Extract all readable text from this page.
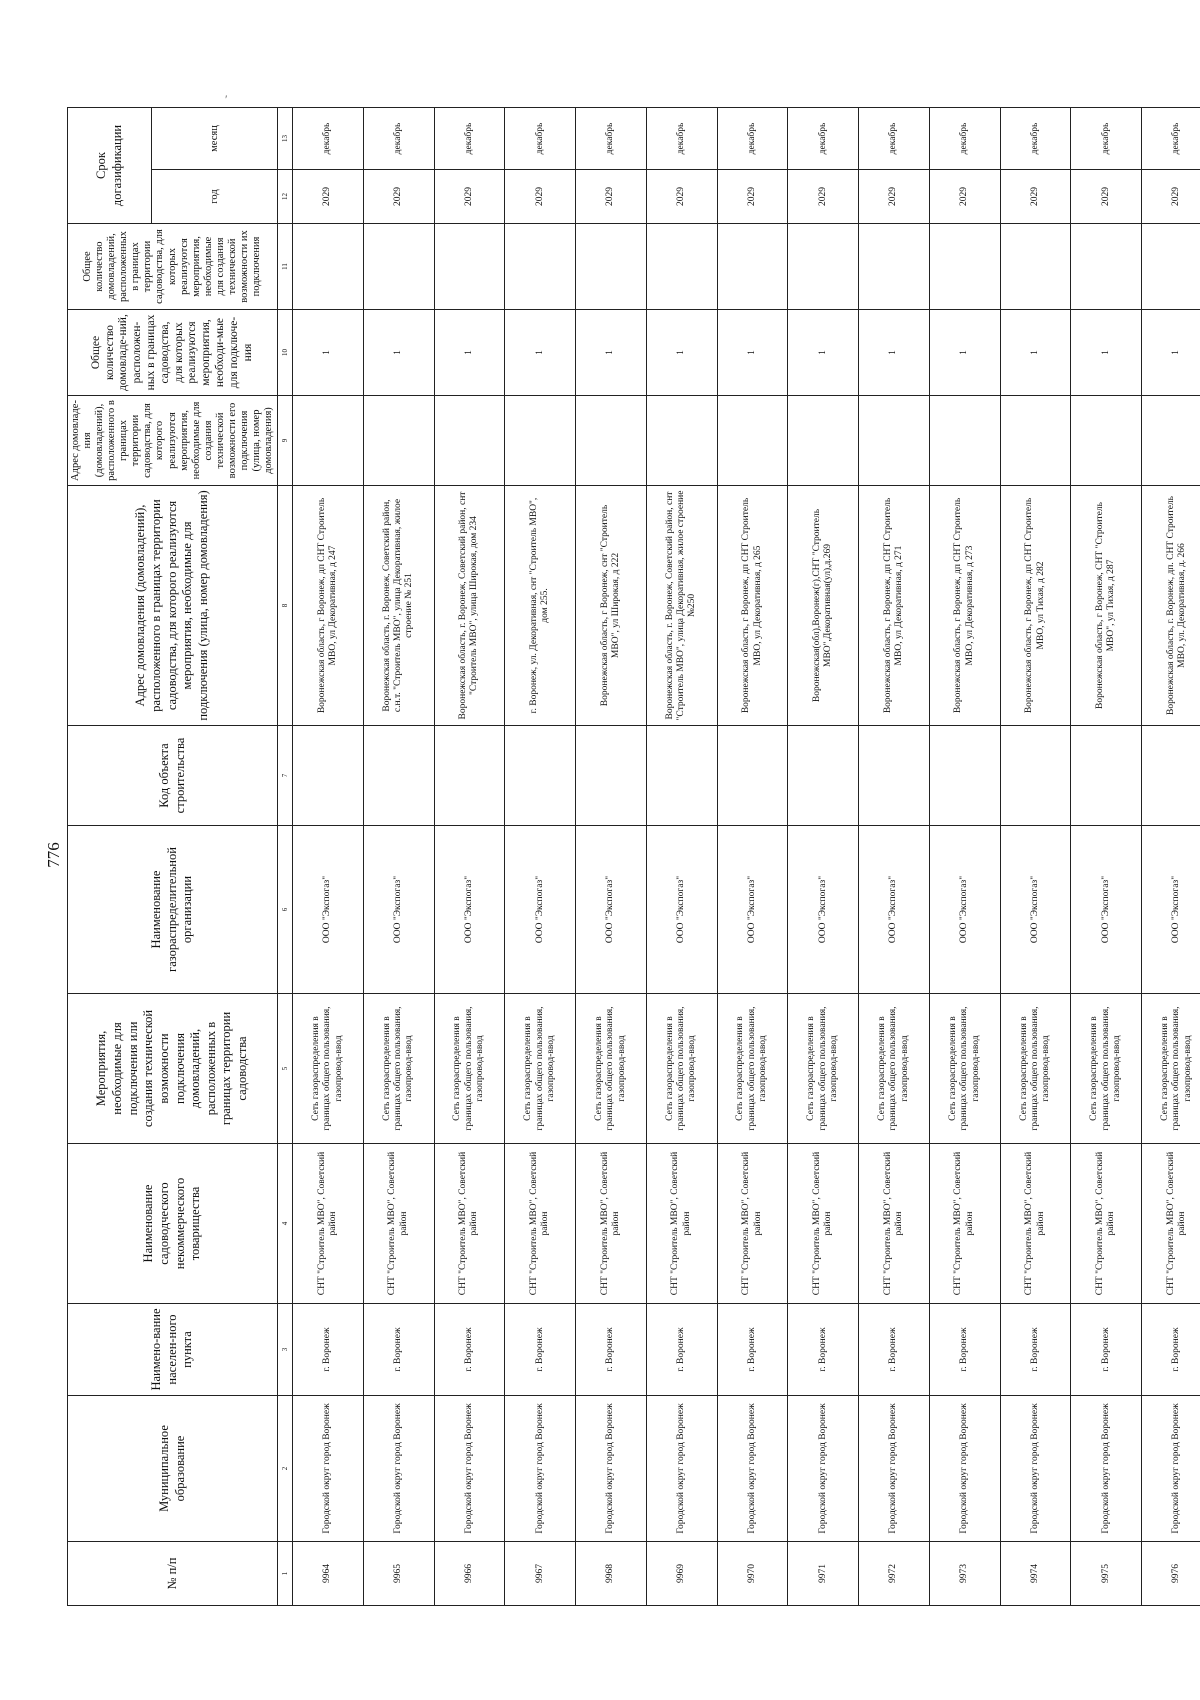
776
′
№ п/п	Муниципальное образование	Наимено-вание населен-ного пункта	Наименование садоводческого некоммерческого товарищества	Мероприятия, необходимые для подключения или создания технической возможности подключения домовладений, расположенных в границах территории садоводства	Наименование газораспределительной организации	Код объекта строительства	Адрес домовладения (домовладений), расположенного в границах территории садоводства, для которого реализуются мероприятия, необходимые для подключения (улица, номер домовладения)	Адрес домовладе-ния (домовладений), расположенного в границах территории садоводства, для которого реализуются мероприятия, необходимые для создания технической возможности его подключения (улица, номер домовладения)	Общее количество домовладе-ний, расположен-ных в границах садоводства, для которых реализуются мероприятия, необходи-мые для подключе-ния	Общее количество домовладений, расположенных в границах территории садоводства, для которых реализуются мероприятия, необходимые для создания технической возможности их подключения	Срок догазификации	
											год	месяц
1	2	3	4	5	6	7	8	9	10	11	12	13
9964	Городской округ город Воронеж	г. Воронеж	СНТ "Строитель МВО", Советский район	Сеть газораспределения в границах общего пользования, газопровод-ввод	ООО "Экспогаз"		Воронежская область, г Воронеж, дп СНТ Строитель МВО, ул Декоративная, д 247		1		2029	декабрь
9965	Городской округ город Воронеж	г. Воронеж	СНТ "Строитель МВО", Советский район	Сеть газораспределения в границах общего пользования, газопровод-ввод	ООО "Экспогаз"		Воронежская область, г. Воронеж, Советский район, с.н.т. "Строитель МВО", улица Декоративная, жилое строение № 251		1		2029	декабрь
9966	Городской округ город Воронеж	г. Воронеж	СНТ "Строитель МВО", Советский район	Сеть газораспределения в границах общего пользования, газопровод-ввод	ООО "Экспогаз"		Воронежская область, г. Воронеж, Советский район, снт "Строитель МВО", улица Широкая, дом 234		1		2029	декабрь
9967	Городской округ город Воронеж	г. Воронеж	СНТ "Строитель МВО", Советский район	Сеть газораспределения в границах общего пользования, газопровод-ввод	ООО "Экспогаз"		г. Воронеж, ул. Декоративная, снт "Строитель МВО", дом 255.		1		2029	декабрь
9968	Городской округ город Воронеж	г. Воронеж	СНТ "Строитель МВО", Советский район	Сеть газораспределения в границах общего пользования, газопровод-ввод	ООО "Экспогаз"		Воронежская область, г Воронеж, снт "Строитель МВО", ул Широкая, д 222		1		2029	декабрь
9969	Городской округ город Воронеж	г. Воронеж	СНТ "Строитель МВО", Советский район	Сеть газораспределения в границах общего пользования, газопровод-ввод	ООО "Экспогаз"		Воронежская область, г. Воронеж, Советский район, снт "Строитель МВО", улица Декоративная, жилое строение №250		1		2029	декабрь
9970	Городской округ город Воронеж	г. Воронеж	СНТ "Строитель МВО", Советский район	Сеть газораспределения в границах общего пользования, газопровод-ввод	ООО "Экспогаз"		Воронежская область, г Воронеж, дп СНТ Строитель МВО, ул Декоративная, д 265		1		2029	декабрь
9971	Городской округ город Воронеж	г. Воронеж	СНТ "Строитель МВО", Советский район	Сеть газораспределения в границах общего пользования, газопровод-ввод	ООО "Экспогаз"		Воронежская(обл),Воронеж(г),СНТ "Строитель МВО",Декоративная(ул),д.269		1		2029	декабрь
9972	Городской округ город Воронеж	г. Воронеж	СНТ "Строитель МВО", Советский район	Сеть газораспределения в границах общего пользования, газопровод-ввод	ООО "Экспогаз"		Воронежская область, г Воронеж, дп СНТ Строитель МВО, ул Декоративная, д 271		1		2029	декабрь
9973	Городской округ город Воронеж	г. Воронеж	СНТ "Строитель МВО", Советский район	Сеть газораспределения в границах общего пользования, газопровод-ввод	ООО "Экспогаз"		Воронежская область, г Воронеж, дп СНТ Строитель МВО, ул Декоративная, д 273		1		2029	декабрь
9974	Городской округ город Воронеж	г. Воронеж	СНТ "Строитель МВО", Советский район	Сеть газораспределения в границах общего пользования, газопровод-ввод	ООО "Экспогаз"		Воронежская область, г Воронеж, дп СНТ Строитель МВО, ул Тихая, д 282		1		2029	декабрь
9975	Городской округ город Воронеж	г. Воронеж	СНТ "Строитель МВО", Советский район	Сеть газораспределения в границах общего пользования, газопровод-ввод	ООО "Экспогаз"		Воронежская область, г Воронеж, СНТ "Строитель МВО", ул Тихая, д 287		1		2029	декабрь
9976	Городской округ город Воронеж	г. Воронеж	СНТ "Строитель МВО", Советский район	Сеть газораспределения в границах общего пользования, газопровод-ввод	ООО "Экспогаз"		Воронежская область, г. Воронеж, дп. СНТ Строитель МВО, ул. Декоративная, д. 266		1		2029	декабрь
